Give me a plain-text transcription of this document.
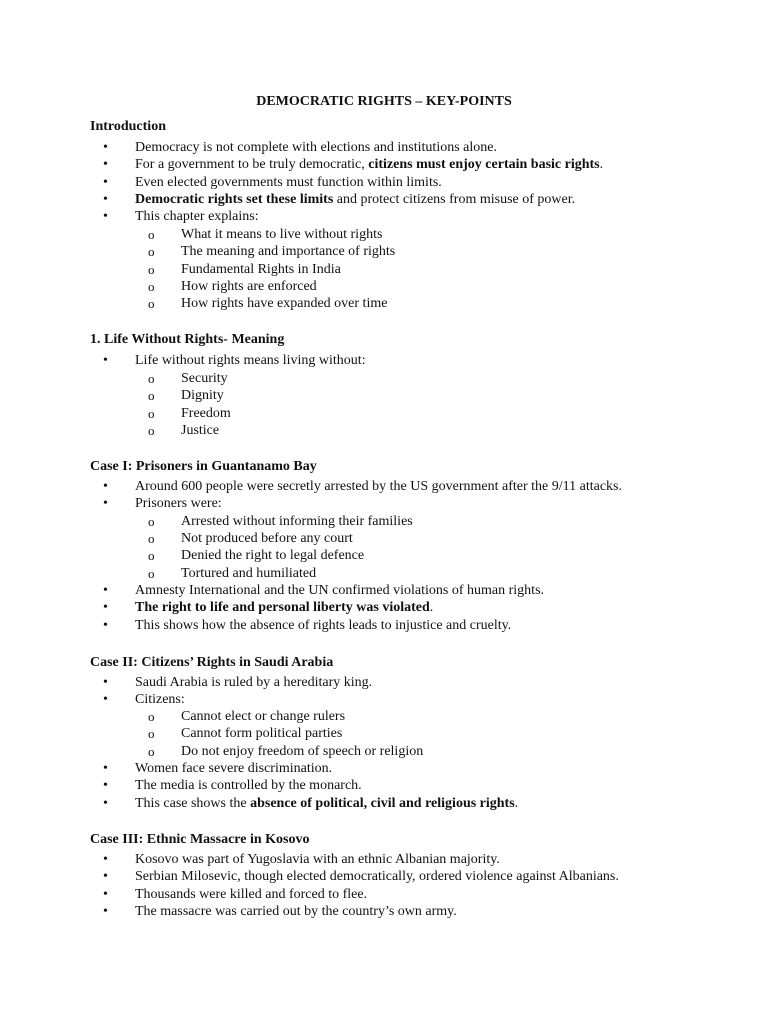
DEMOCRATIC RIGHTS – KEY-POINTS
Introduction
• Democracy is not complete with elections and institutions alone.
• For a government to be truly democratic, citizens must enjoy certain basic rights.
• Even elected governments must function within limits.
• Democratic rights set these limits and protect citizens from misuse of power.
• This chapter explains:
o What it means to live without rights
o The meaning and importance of rights
o Fundamental Rights in India
o How rights are enforced
o How rights have expanded over time
1. Life Without Rights- Meaning
• Life without rights means living without:
o Security
o Dignity
o Freedom
o Justice
Case I: Prisoners in Guantanamo Bay
• Around 600 people were secretly arrested by the US government after the 9/11 attacks.
• Prisoners were:
o Arrested without informing their families
o Not produced before any court
o Denied the right to legal defence
o Tortured and humiliated
• Amnesty International and the UN confirmed violations of human rights.
• The right to life and personal liberty was violated.
• This shows how the absence of rights leads to injustice and cruelty.
Case II: Citizens’ Rights in Saudi Arabia
• Saudi Arabia is ruled by a hereditary king.
• Citizens:
o Cannot elect or change rulers
o Cannot form political parties
o Do not enjoy freedom of speech or religion
• Women face severe discrimination.
• The media is controlled by the monarch.
• This case shows the absence of political, civil and religious rights.
Case III: Ethnic Massacre in Kosovo
• Kosovo was part of Yugoslavia with an ethnic Albanian majority.
• Serbian Milosevic, though elected democratically, ordered violence against Albanians.
• Thousands were killed and forced to flee.
• The massacre was carried out by the country’s own army.
